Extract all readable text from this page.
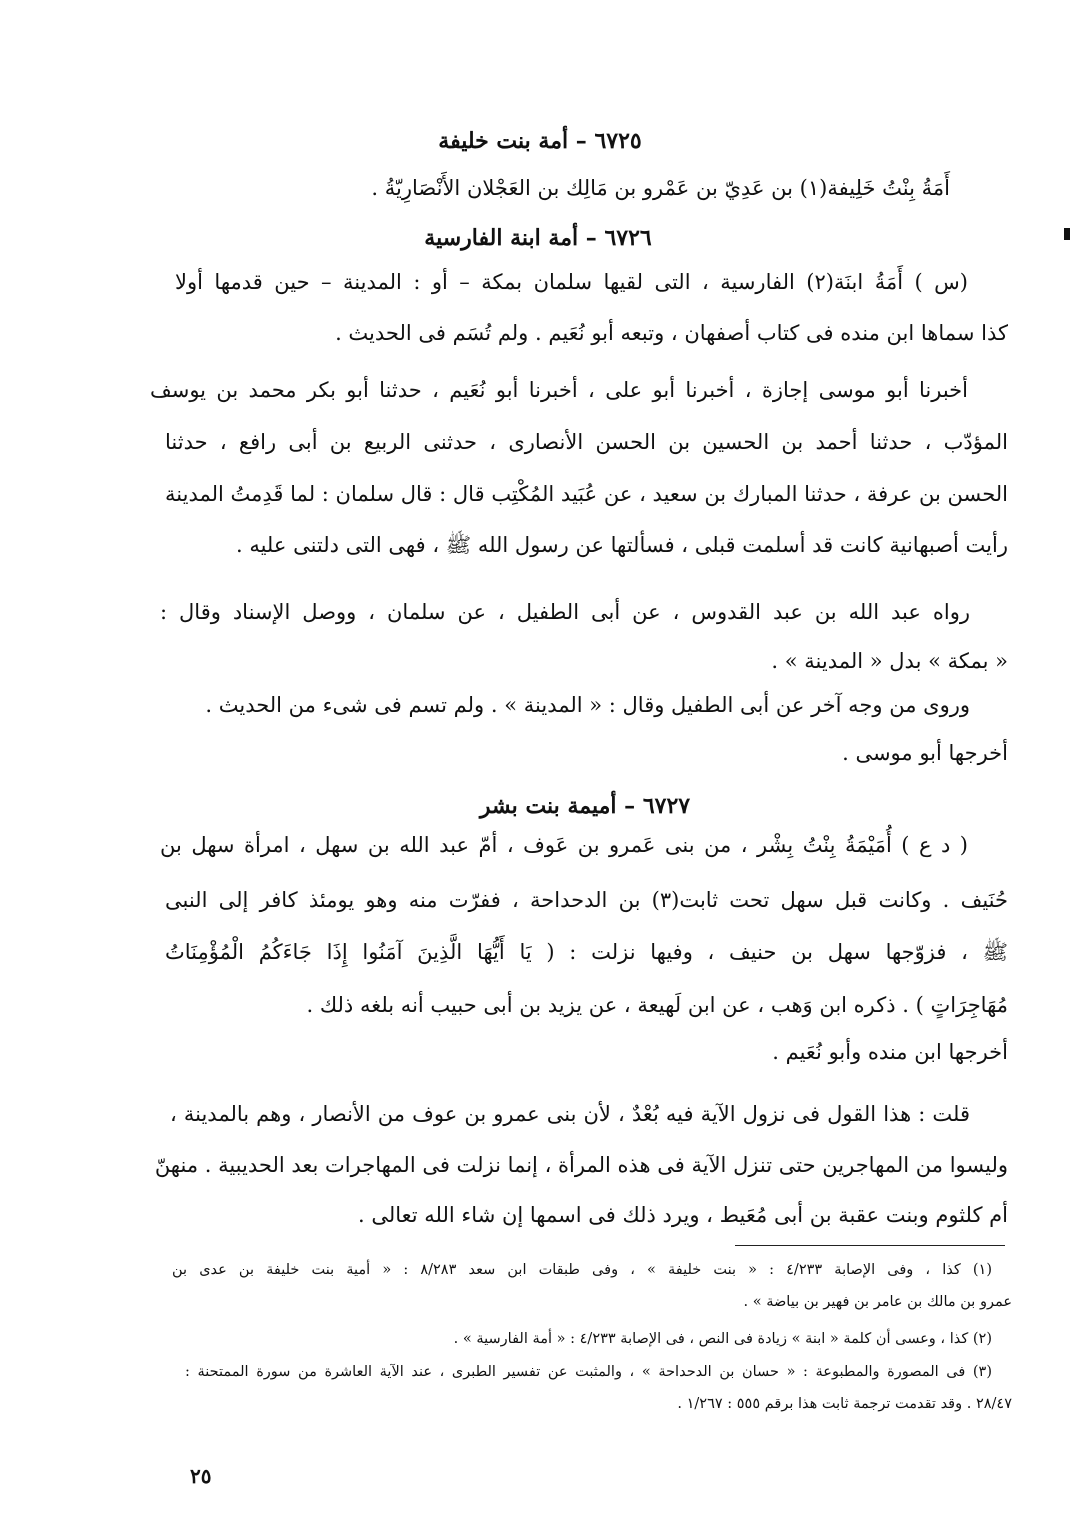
٦٧٢٥ – أمة بنت خليفة
أَمَةُ بِنْتُ خَلِيفة(١) بن عَدِيّ بن عَمْرو بن مَالِك بن العَجْلان الأَنْصَارِيّةُ .
٦٧٢٦ – أمة ابنة الفارسية
(س ) أَمَةُ ابنَة(٢) الفارسية ، التى لقيها سلمان بمكة – أو : المدينة – حين قدمها أولا
كذا سماها ابن منده فى كتاب أصفهان ، وتبعه أبو نُعَيم . ولم تُسَم فى الحديث .
أخبرنا أبو موسى إجازة ، أخبرنا أبو على ، أخبرنا أبو نُعَيم ، حدثنا أبو بكر محمد بن يوسف
المؤدّب ، حدثنا أحمد بن الحسين بن الحسن الأنصارى ، حدثنى الربيع بن أبى رافع ، حدثنا
الحسن بن عرفة ، حدثنا المبارك بن سعيد ، عن عُبَيد المُكْتِب قال : قال سلمان : لما قَدِمتُ المدينة
رأيت أصبهانية كانت قد أسلمت قبلى ، فسألتها عن رسول الله ﷺ ، فهى التى دلتنى عليه .
رواه عبد الله بن عبد القدوس ، عن أبى الطفيل ، عن سلمان ، ووصل الإسناد وقال :
« بمكة » بدل « المدينة » .
وروى من وجه آخر عن أبى الطفيل وقال : « المدينة » . ولم تسم فى شىء من الحديث .
أخرجها أبو موسى .
٦٧٢٧ – أميمة بنت بشر
( د ع ) أُمَيْمَةُ بِنْتُ بِشْر ، من بنى عَمرو بن عَوف ، أمّ عبد الله بن سهل ، امرأة سهل بن
حُنَيف . وكانت قبل سهل تحت ثابت(٣) بن الدحداحة ، ففرّت منه وهو يومئذ كافر إلى النبى
ﷺ ، فزوّجها سهل بن حنيف ، وفيها نزلت : ( يَا أَيُّهَا الَّذِينَ آمَنُوا إِذَا جَاءَكُمُ الْمُؤْمِنَاتُ
مُهَاجِرَاتٍ ) . ذكره ابن وَهب ، عن ابن لَهيعة ، عن يزيد بن أبى حبيب أنه بلغه ذلك .
أخرجها ابن منده وأبو نُعَيم .
قلت : هذا القول فى نزول الآية فيه بُعْدٌ ، لأن بنى عمرو بن عوف من الأنصار ، وهم بالمدينة ،
وليسوا من المهاجرين حتى تنزل الآية فى هذه المرأة ، إنما نزلت فى المهاجرات بعد الحديبية . منهنّ
أم كلثوم وبنت عقبة بن أبى مُعَيط ، ويرد ذلك فى اسمها إن شاء الله تعالى .
(١) كذا ، وفى الإصابة ٤/٢٣٣ : « بنت خليفة » ، وفى طبقات ابن سعد ٨/٢٨٣ : « أمية بنت خليفة بن عدى بن
عمرو بن مالك بن عامر بن فهير بن بياضة » .
(٢) كذا ، وعسى أن كلمة « ابنة » زيادة فى النص ، فى الإصابة ٤/٢٣٣ : « أمة الفارسية » .
(٣) فى المصورة والمطبوعة : « حسان بن الدحداحة » ، والمثبت عن تفسير الطبرى ، عند الآية العاشرة من سورة الممتحنة :
٢٨/٤٧ . وقد تقدمت ترجمة ثابت هذا برقم ٥٥٥ : ١/٢٦٧ .
٢٥
